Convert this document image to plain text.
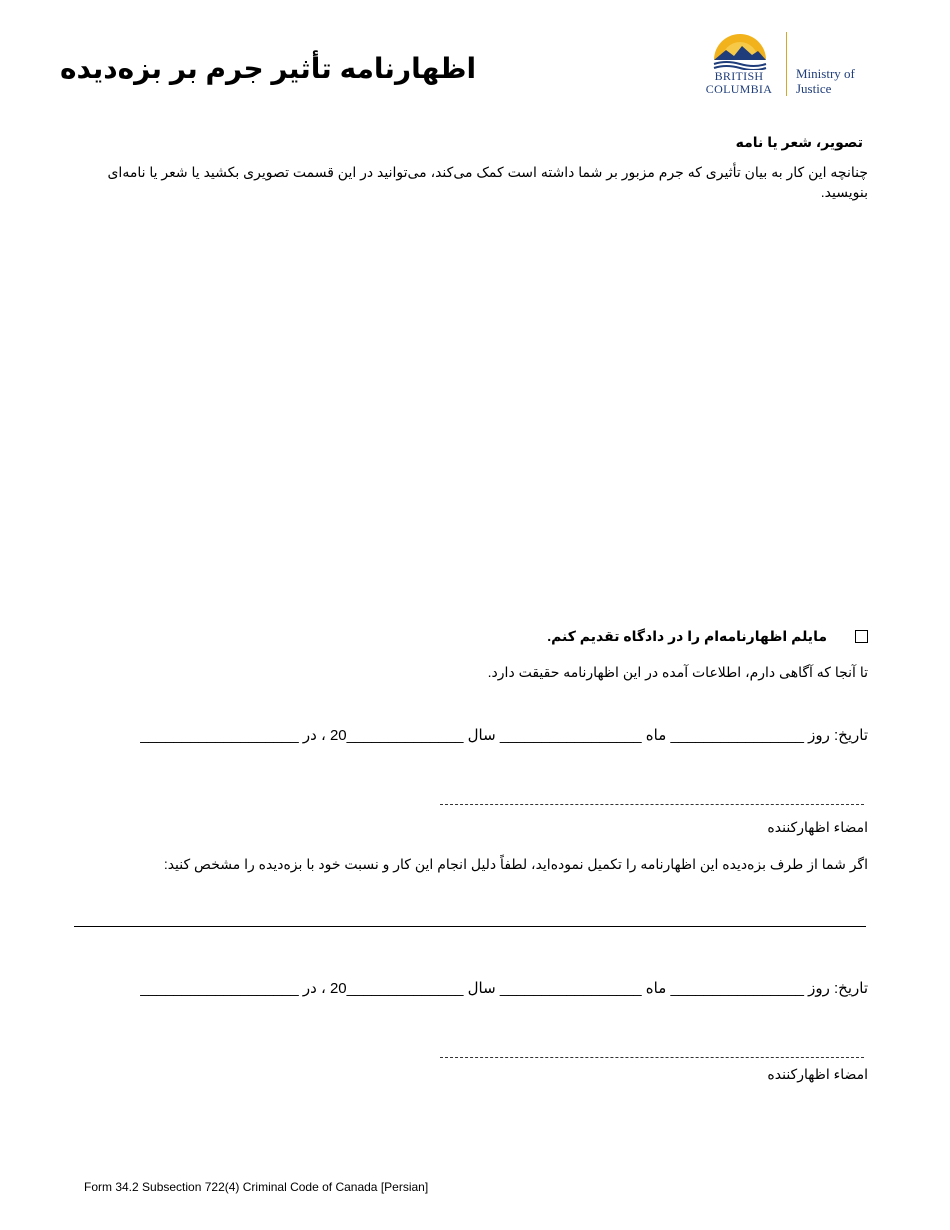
اظهارنامه تأثیر جرم بر بزه‌دیده	BRITISH
COLUMBIA
Ministry of
Justice
تصویر، شعر یا نامه
چنانچه این کار به بیان تأثیری که جرم مزبور بر شما داشته است کمک می‌کند، می‌توانید در این قسمت تصویری بکشید یا شعر یا نامه‌ای بنویسید.
مایلم اظهارنامه‌ام را در دادگاه تقدیم کنم.
تا آنجا که آگاهی دارم، اطلاعات آمده در این اظهارنامه حقیقت دارد.
تاریخ: روز ________________ ماه _________________ سال ______________20 ، در ___________________
امضاء اظهارکننده
اگر شما از طرف بزه‌دیده این اظهارنامه را تکمیل نموده‌اید، لطفاً دلیل انجام این کار و نسبت خود با بزه‌دیده را مشخص کنید:
تاریخ: روز ________________ ماه _________________ سال ______________20 ، در ___________________
امضاء اظهارکننده
Form 34.2 Subsection 722(4) Criminal Code of Canada [Persian]
